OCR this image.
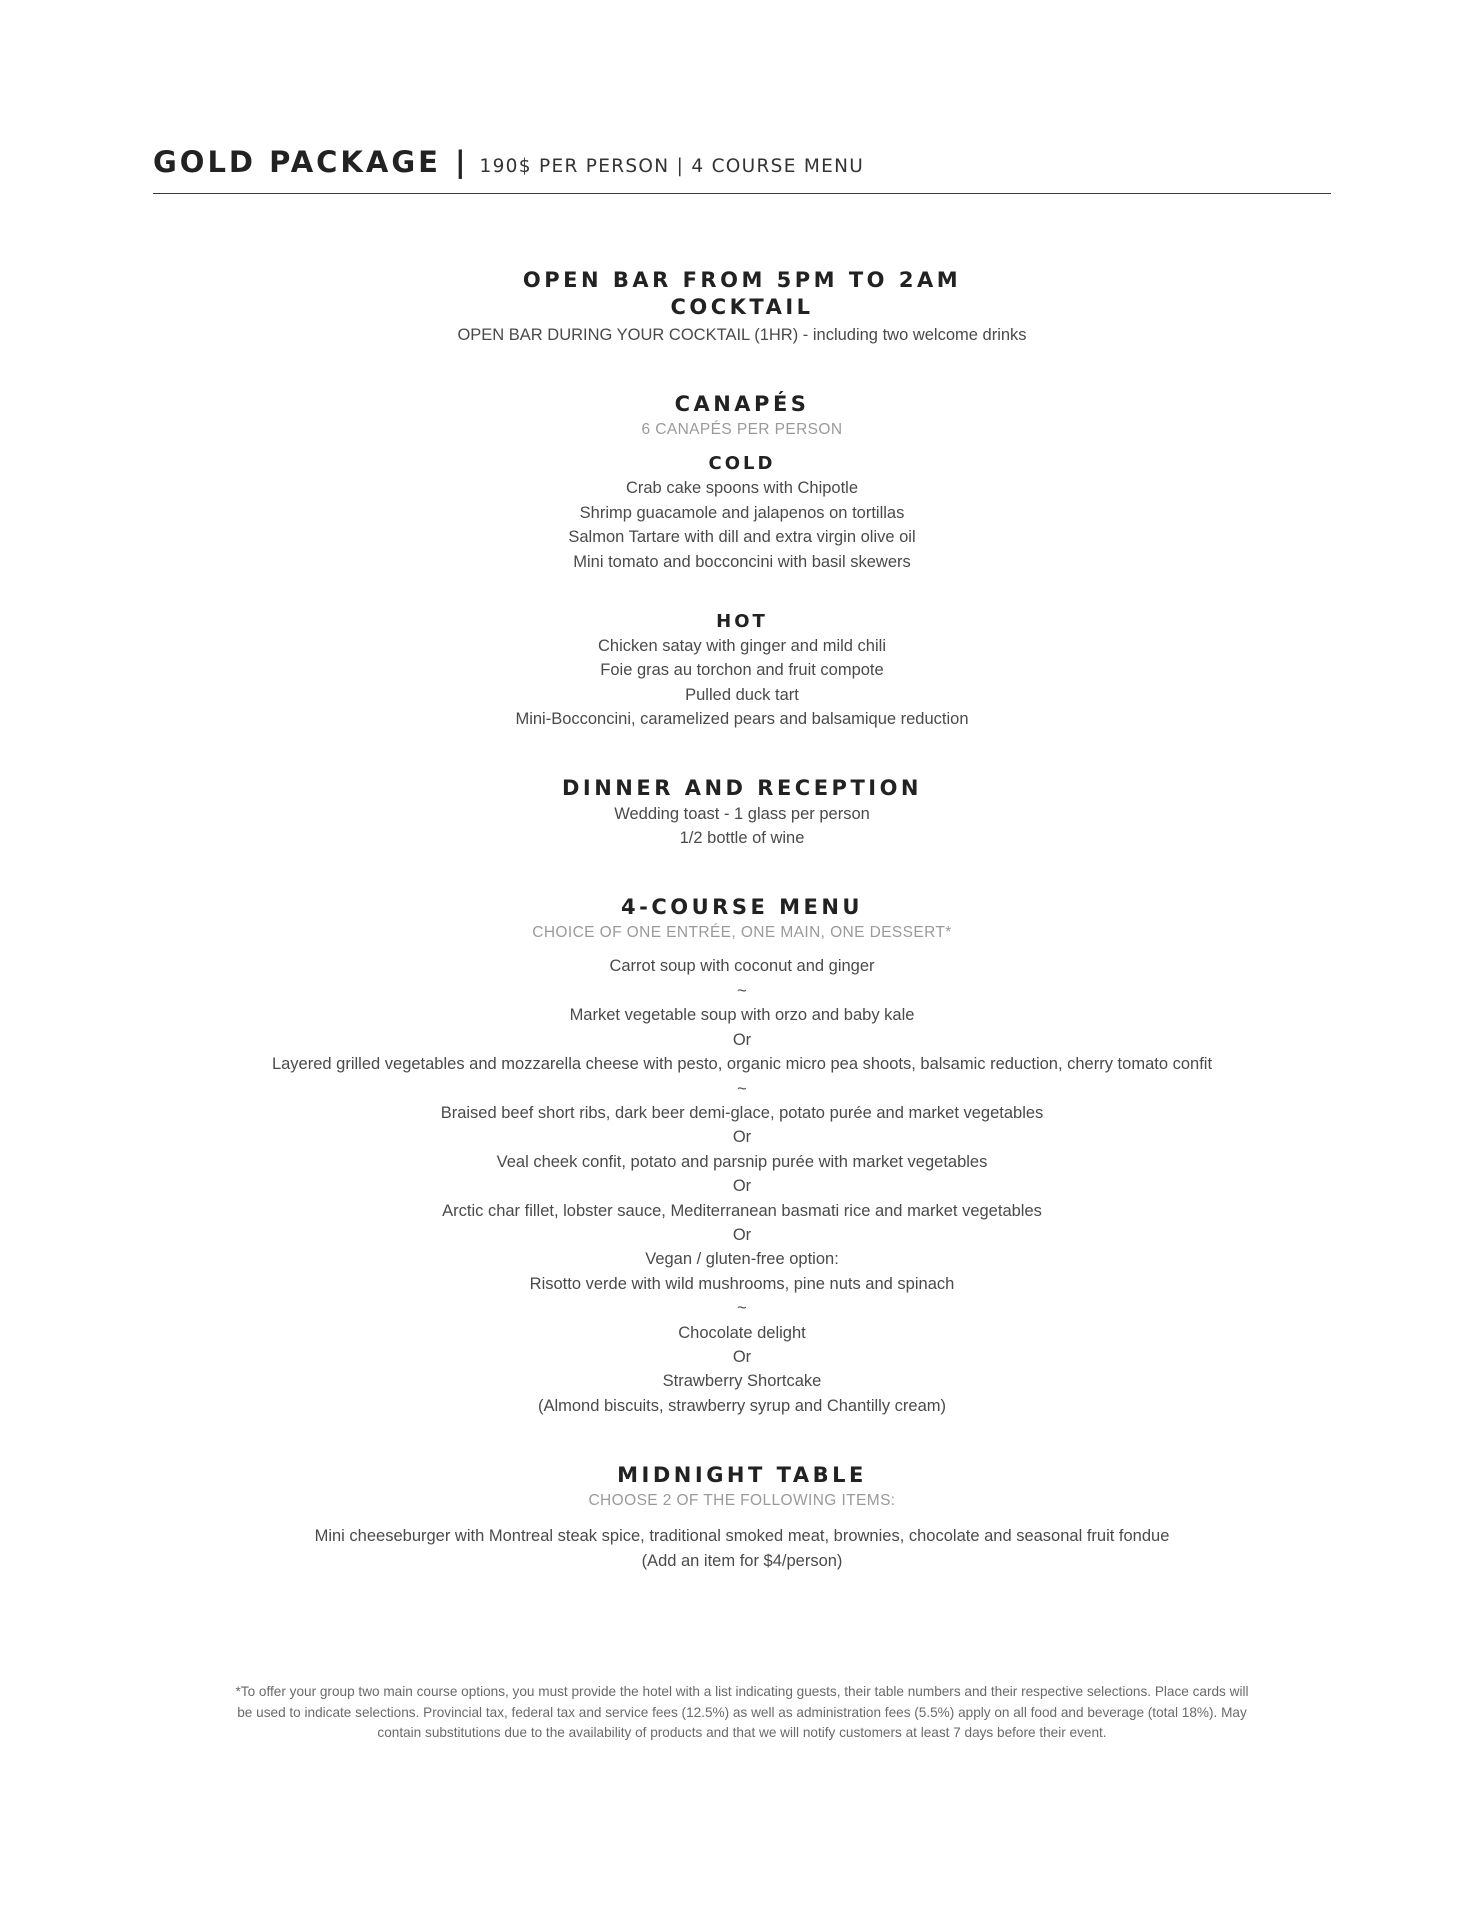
GOLD PACKAGE | 190$ PER PERSON | 4 COURSE MENU
OPEN BAR FROM 5PM TO 2AM
COCKTAIL
OPEN BAR DURING YOUR COCKTAIL (1HR) - including two welcome drinks
CANAPÉS
6 CANAPÉS PER PERSON
COLD
Crab cake spoons with Chipotle
Shrimp guacamole and jalapenos on tortillas
Salmon Tartare with dill and extra virgin olive oil
Mini tomato and bocconcini with basil skewers
HOT
Chicken satay with ginger and mild chili
Foie gras au torchon and fruit compote
Pulled duck tart
Mini-Bocconcini, caramelized pears and balsamique reduction
DINNER AND RECEPTION
Wedding toast - 1 glass per person
1/2 bottle of wine
4-COURSE MENU
CHOICE OF ONE ENTRÉE, ONE MAIN, ONE DESSERT*
Carrot soup with coconut and ginger
~
Market vegetable soup with orzo and baby kale
Or
Layered grilled vegetables and mozzarella cheese with pesto, organic micro pea shoots, balsamic reduction, cherry tomato confit
~
Braised beef short ribs, dark beer demi-glace, potato purée and market vegetables
Or
Veal cheek confit, potato and parsnip purée with market vegetables
Or
Arctic char fillet, lobster sauce, Mediterranean basmati rice and market vegetables
Or
Vegan / gluten-free option:
Risotto verde with wild mushrooms, pine nuts and spinach
~
Chocolate delight
Or
Strawberry Shortcake
(Almond biscuits, strawberry syrup and Chantilly cream)
MIDNIGHT TABLE
CHOOSE 2 OF THE FOLLOWING ITEMS:
Mini cheeseburger with Montreal steak spice, traditional smoked meat, brownies, chocolate and seasonal fruit fondue
(Add an item for $4/person)
*To offer your group two main course options, you must provide the hotel with a list indicating guests, their table numbers and their respective selections. Place cards will be used to indicate selections. Provincial tax, federal tax and service fees (12.5%) as well as administration fees (5.5%) apply on all food and beverage (total 18%). May contain substitutions due to the availability of products and that we will notify customers at least 7 days before their event.
